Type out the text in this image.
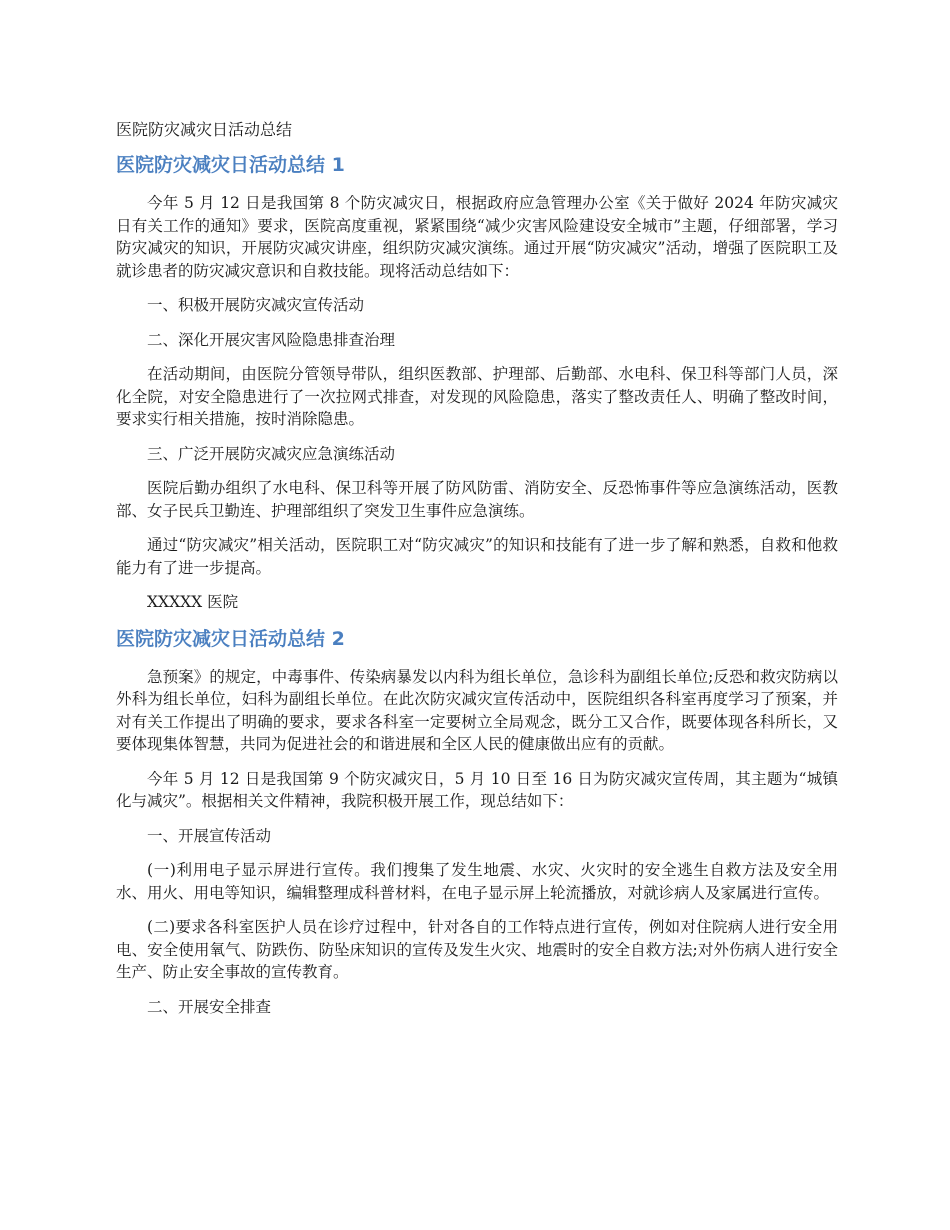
医院防灾减灾日活动总结
医院防灾减灾日活动总结 1

今年 5 月 12 日是我国第 8 个防灾减灾日，根据政府应急管理办公室《关于做好 2024 年防灾减灾日有关工作的通知》要求，医院高度重视，紧紧围绕“减少灾害风险建设安全城市”主题，仔细部署，学习防灾减灾的知识，开展防灾减灾讲座，组织防灾减灾演练。通过开展“防灾减灾”活动，增强了医院职工及就诊患者的防灾减灾意识和自救技能。现将活动总结如下：

一、积极开展防灾减灾宣传活动

二、深化开展灾害风险隐患排查治理

在活动期间，由医院分管领导带队，组织医教部、护理部、后勤部、水电科、保卫科等部门人员，深化全院，对安全隐患进行了一次拉网式排查，对发现的风险隐患，落实了整改责任人、明确了整改时间，要求实行相关措施，按时消除隐患。

三、广泛开展防灾减灾应急演练活动

医院后勤办组织了水电科、保卫科等开展了防风防雷、消防安全、反恐怖事件等应急演练活动，医教部、女子民兵卫勤连、护理部组织了突发卫生事件应急演练。

通过“防灾减灾”相关活动，医院职工对“防灾减灾”的知识和技能有了进一步了解和熟悉，自救和他救能力有了进一步提高。

XXXXX 医院

医院防灾减灾日活动总结 2

急预案》的规定，中毒事件、传染病暴发以内科为组长单位，急诊科为副组长单位;反恐和救灾防病以外科为组长单位，妇科为副组长单位。在此次防灾减灾宣传活动中，医院组织各科室再度学习了预案，并对有关工作提出了明确的要求，要求各科室一定要树立全局观念，既分工又合作，既要体现各科所长，又要体现集体智慧，共同为促进社会的和谐进展和全区人民的健康做出应有的贡献。

今年 5 月 12 日是我国第 9 个防灾减灾日，5 月 10 日至 16 日为防灾减灾宣传周，其主题为“城镇化与减灾”。根据相关文件精神，我院积极开展工作，现总结如下：

一、开展宣传活动

(一)利用电子显示屏进行宣传。我们搜集了发生地震、水灾、火灾时的安全逃生自救方法及安全用水、用火、用电等知识，编辑整理成科普材料，在电子显示屏上轮流播放，对就诊病人及家属进行宣传。

(二)要求各科室医护人员在诊疗过程中，针对各自的工作特点进行宣传，例如对住院病人进行安全用电、安全使用氧气、防跌伤、防坠床知识的宣传及发生火灾、地震时的安全自救方法;对外伤病人进行安全生产、防止安全事故的宣传教育。

二、开展安全排查
